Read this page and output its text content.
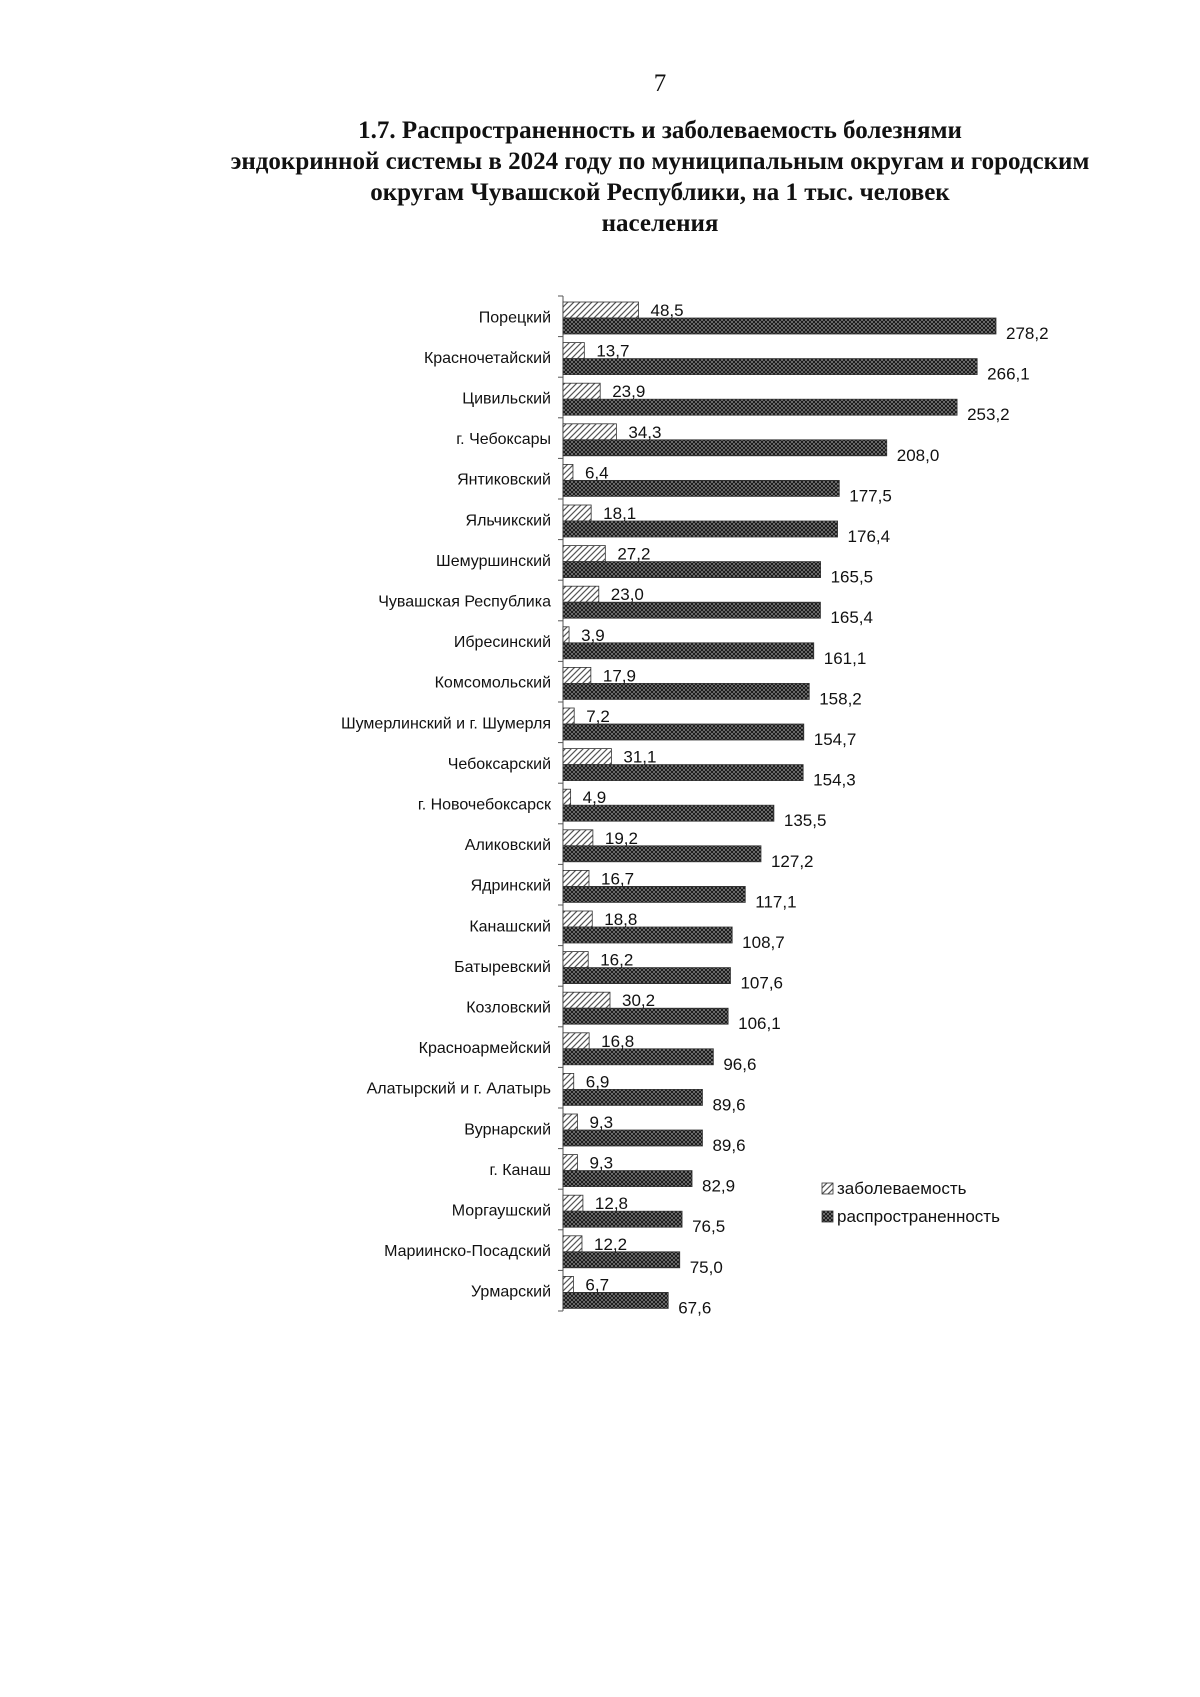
7
1.7. Распространенность и заболеваемость болезнями
эндокринной системы в 2024 году по муниципальным округам и городским
округам Чувашской Республики, на 1 тыс. человек
населения
Порецкий	48,5
278,2
Красночетайский	13,7
266,1
Цивильский	23,9
253,2
г. Чебоксары	34,3
208,0
Янтиковский 6,4
177,5
Яльчикский	18,1
176,4
Шемуршинский	27,2
165,5
Чувашская Республика	23,0
165,4
Ибресинский 3,9
161,1
Комсомольский	17,9
158,2
Шумерлинский и г. Шумерля 7,2
154,7
Чебоксарский	31,1
154,3
г. Новочебоксарск 4,9
135,5
Аликовский	19,2
127,2
Ядринский	16,7
117,1
Канашский	18,8
108,7
Батыревский	16,2
107,6
Козловский	30,2
106,1
Красноармейский	16,8
96,6
Алатырский и г. Алатырь 6,9
89,6
Вурнарский 9,3
89,6
г. Канаш 9,3
82,9
Моргаушский	12,8
76,5
Мариинско-Посадский	12,2
75,0
Урмарский 6,7
67,6
заболеваемость
распространенность
